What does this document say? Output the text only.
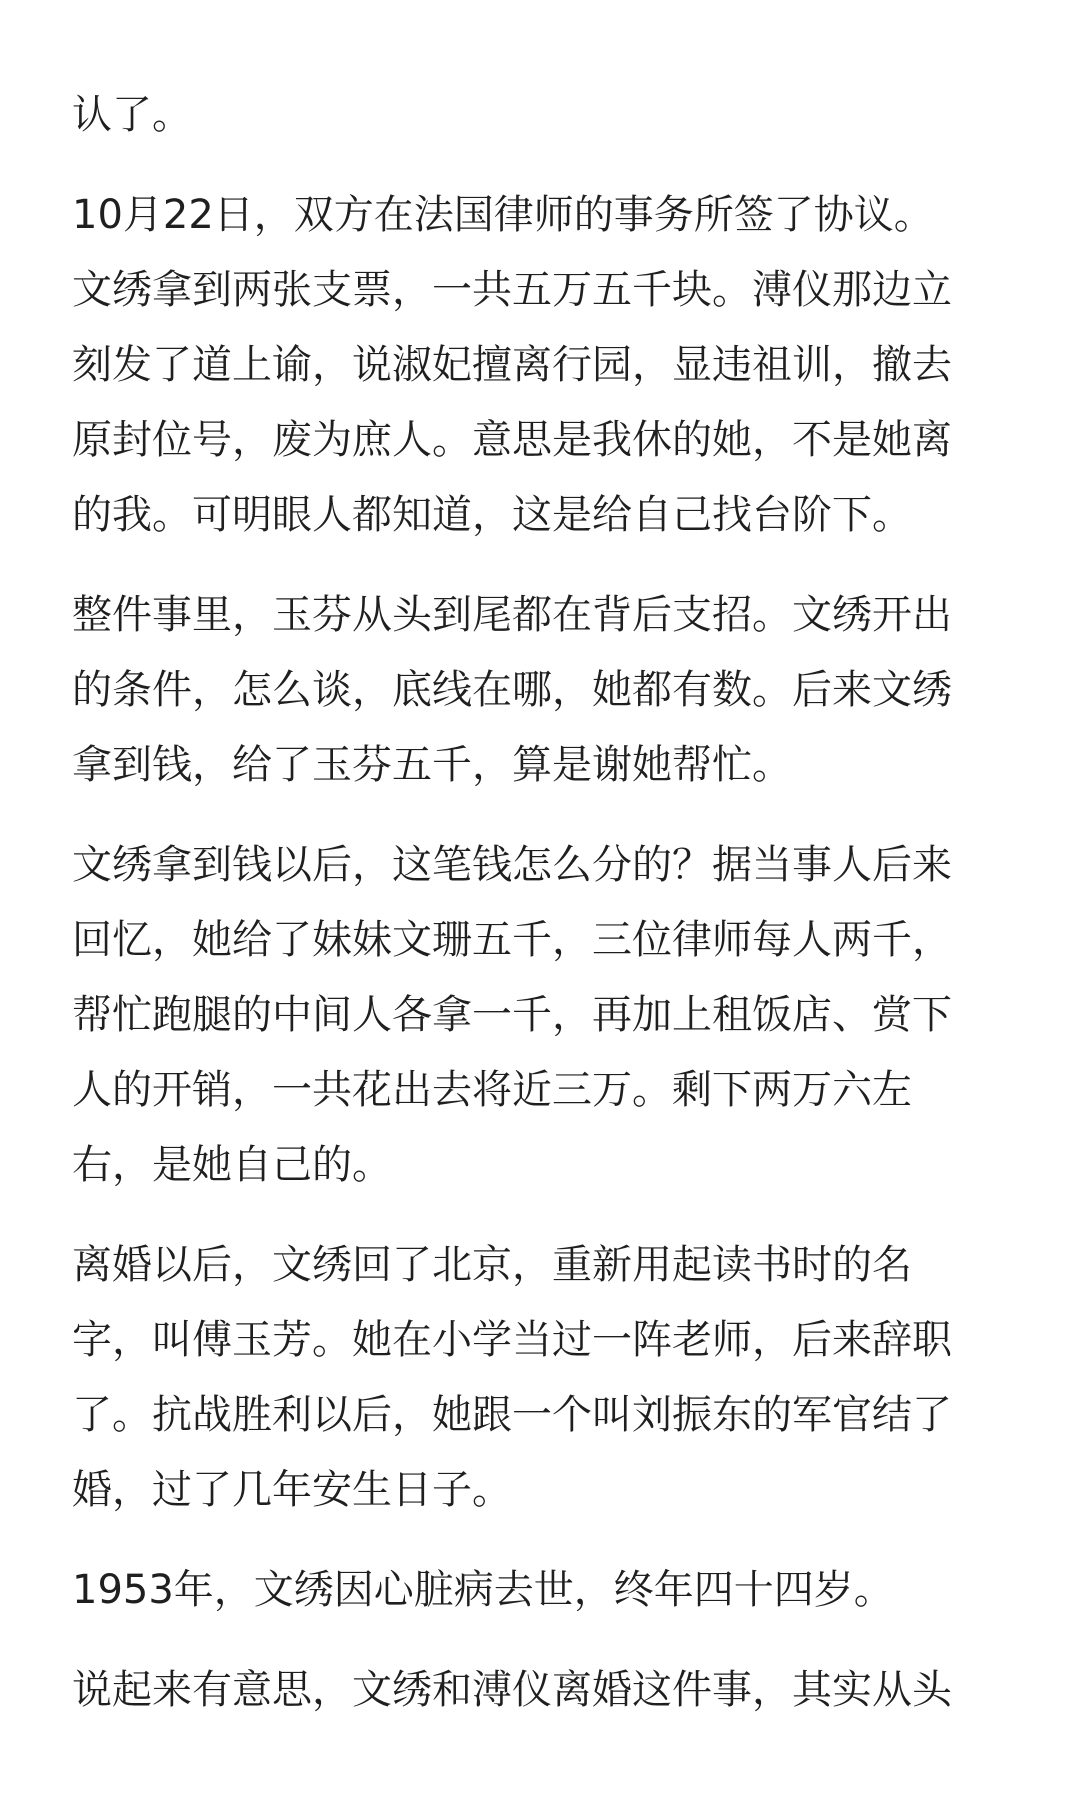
认了。

10月22日，双方在法国律师的事务所签了协议。
文绣拿到两张支票，一共五万五千块。溥仪那边立
刻发了道上谕，说淑妃擅离行园，显违祖训，撤去
原封位号，废为庶人。意思是我休的她，不是她离
的我。可明眼人都知道，这是给自己找台阶下。

整件事里，玉芬从头到尾都在背后支招。文绣开出
的条件，怎么谈，底线在哪，她都有数。后来文绣
拿到钱，给了玉芬五千，算是谢她帮忙。

文绣拿到钱以后，这笔钱怎么分的？据当事人后来
回忆，她给了妹妹文珊五千，三位律师每人两千，
帮忙跑腿的中间人各拿一千，再加上租饭店、赏下
人的开销，一共花出去将近三万。剩下两万六左
右，是她自己的。

离婚以后，文绣回了北京，重新用起读书时的名
字，叫傅玉芳。她在小学当过一阵老师，后来辞职
了。抗战胜利以后，她跟一个叫刘振东的军官结了
婚，过了几年安生日子。

1953年，文绣因心脏病去世，终年四十四岁。

说起来有意思，文绣和溥仪离婚这件事，其实从头
